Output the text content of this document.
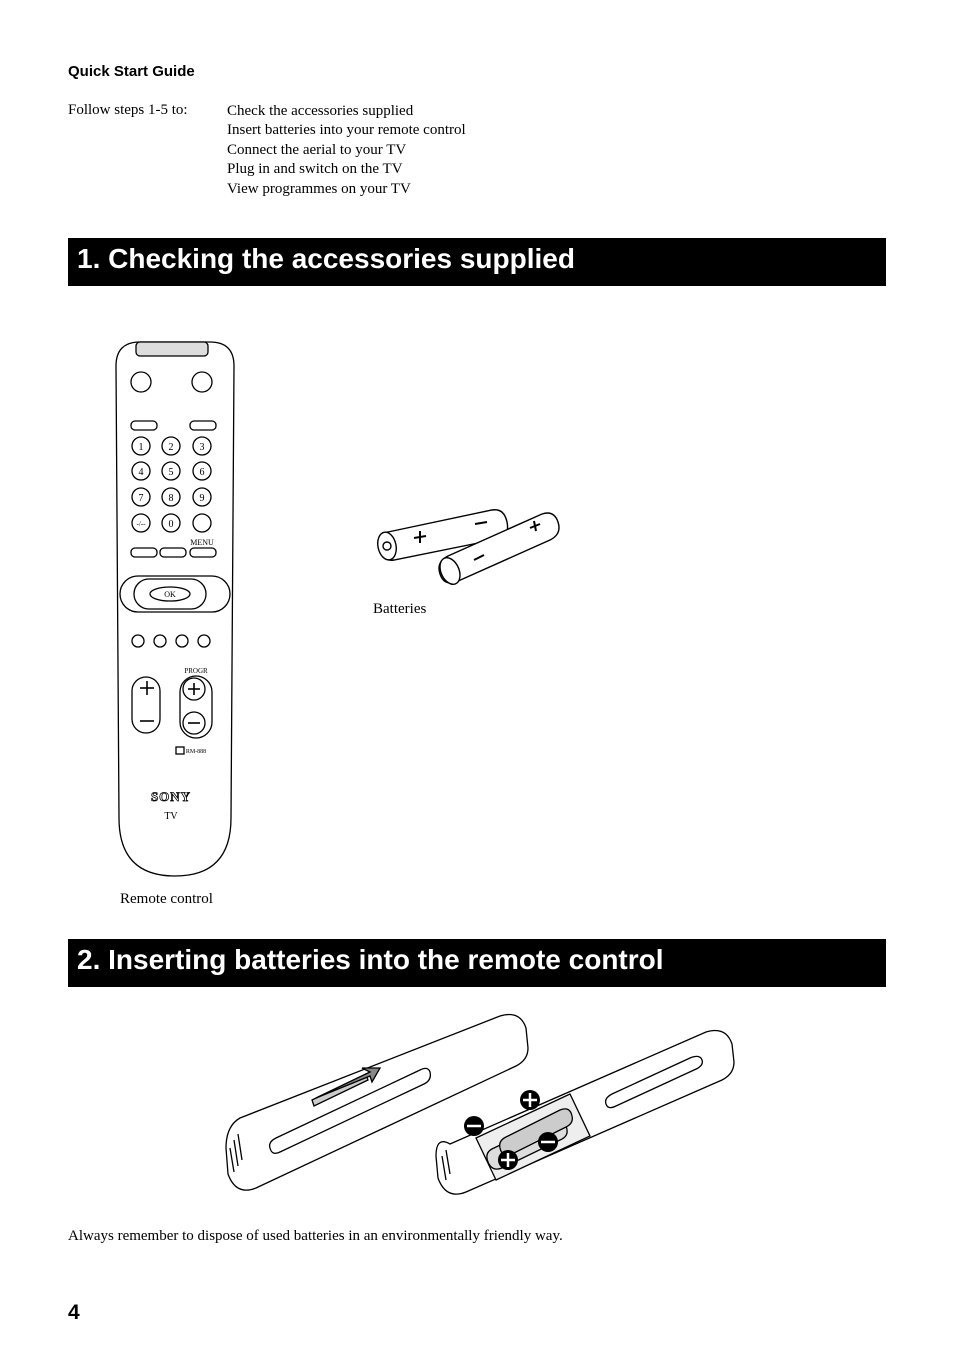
Quick Start Guide
Follow steps 1-5 to:	Check the accessories supplied
Insert batteries into your remote control
Connect the aerial to your TV
Plug in and switch on the TV
View programmes on your TV
1. Checking the accessories supplied
1	2	3
4	5	6
7	8	9
-/-- 0
MENU
OK
PROGR
RM-888
SONY
TV
Remote control
Batteries
2. Inserting batteries into the remote control
Always remember to dispose of used batteries in an environmentally friendly way.
4
